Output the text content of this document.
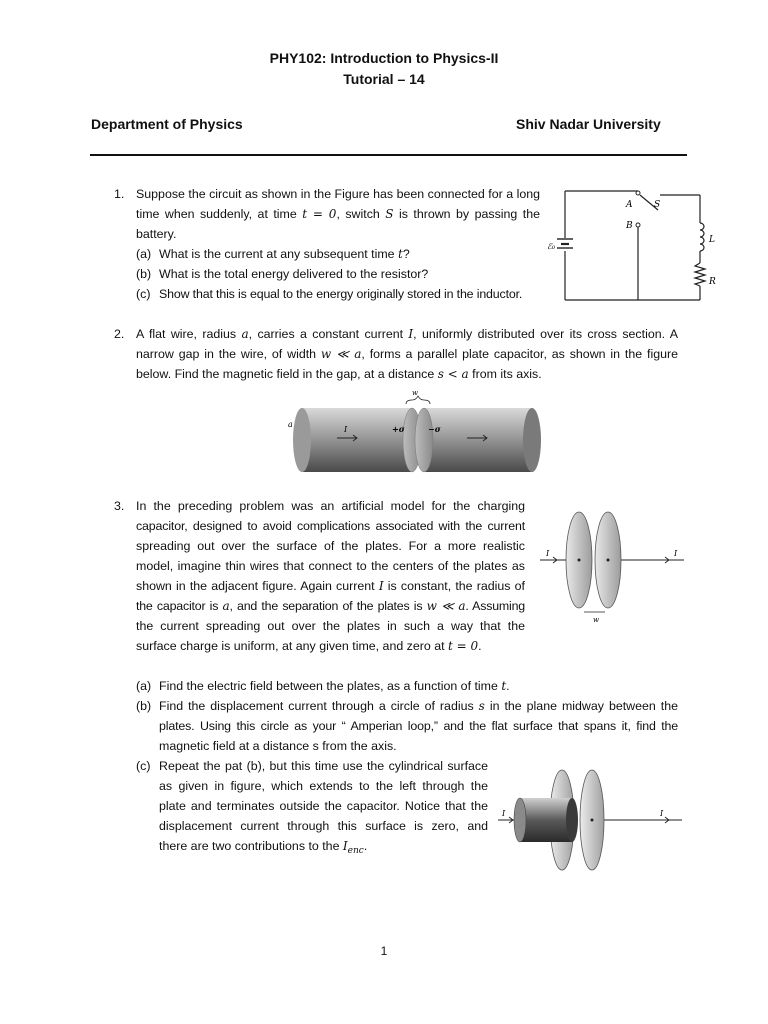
PHY102: Introduction to Physics-II
Tutorial – 14
Department of Physics	Shiv Nadar University
1. Suppose the circuit as shown in the Figure has been connected for a long
time when suddenly, at time t = 0, switch S is thrown by passing the
battery.
(a) What is the current at any subsequent time t?
(b) What is the total energy delivered to the resistor?
(c) Show that this is equal to the energy originally stored in the inductor.
A S
B
L
R
ℰ₀
2. A flat wire, radius a, carries a constant current I, uniformly distributed over its cross section. A
narrow gap in the wire, of width w ≪ a, forms a parallel plate capacitor, as shown in the figure
below. Find the magnetic field in the gap, at a distance s < a from its axis.
a
w
I	+σ	−σ
3. In the preceding problem was an artificial model for the charging
capacitor, designed to avoid complications associated with the current
spreading out over the surface of the plates. For a more realistic
model, imagine thin wires that connect to the centers of the plates as
shown in the adjacent figure. Again current I is constant, the radius of
the capacitor is a, and the separation of the plates is w ≪ a. Assuming
the current spreading out over the plates in such a way that the
surface charge is uniform, at any given time, and zero at t = 0.
I	I
w
(a) Find the electric field between the plates, as a function of time t.
(b) Find the displacement current through a circle of radius s in the plane midway between the
plates. Using this circle as your “ Amperian loop,” and the flat surface that spans it, find the
magnetic field at a distance s from the axis.
(c) Repeat the pat (b), but this time use the cylindrical surface
as given in figure, which extends to the left through the
plate and terminates outside the capacitor. Notice that the
displacement current through this surface is zero, and
there are two contributions to the $I_{enc}$.
I	I
1
